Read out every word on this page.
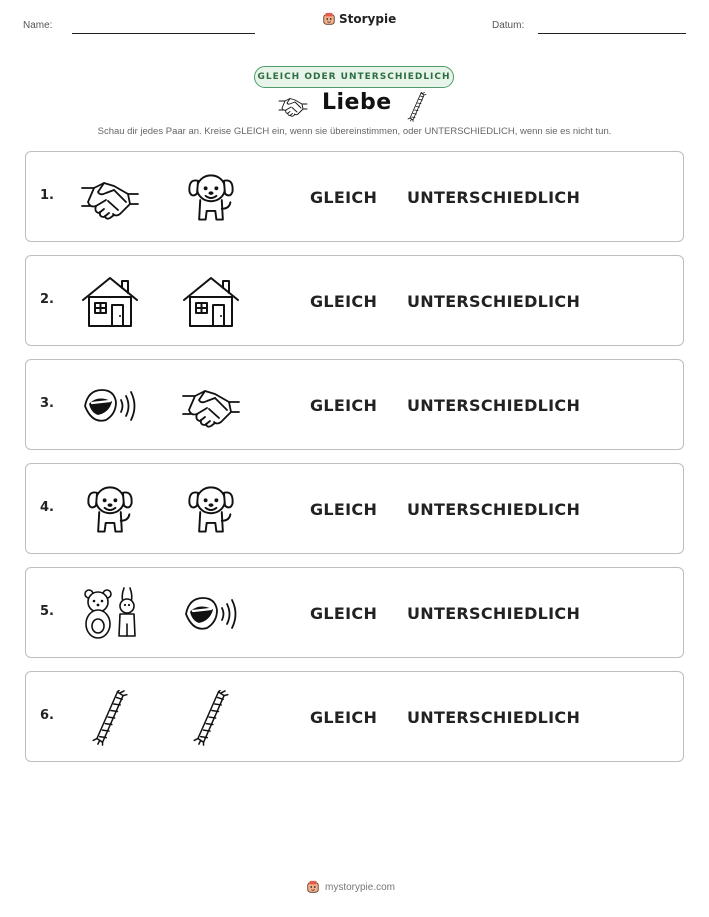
Name:	Storypie	Datum:
GLEICH ODER UNTERSCHIEDLICH
Liebe
Schau dir jedes Paar an. Kreise GLEICH ein, wenn sie übereinstimmen, oder UNTERSCHIEDLICH, wenn sie es nicht tun.
1.	GLEICH UNTERSCHIEDLICH
2.	GLEICH UNTERSCHIEDLICH
3.	GLEICH UNTERSCHIEDLICH
4.	GLEICH UNTERSCHIEDLICH
5.	GLEICH UNTERSCHIEDLICH
6.	GLEICH UNTERSCHIEDLICH
mystorypie.com
